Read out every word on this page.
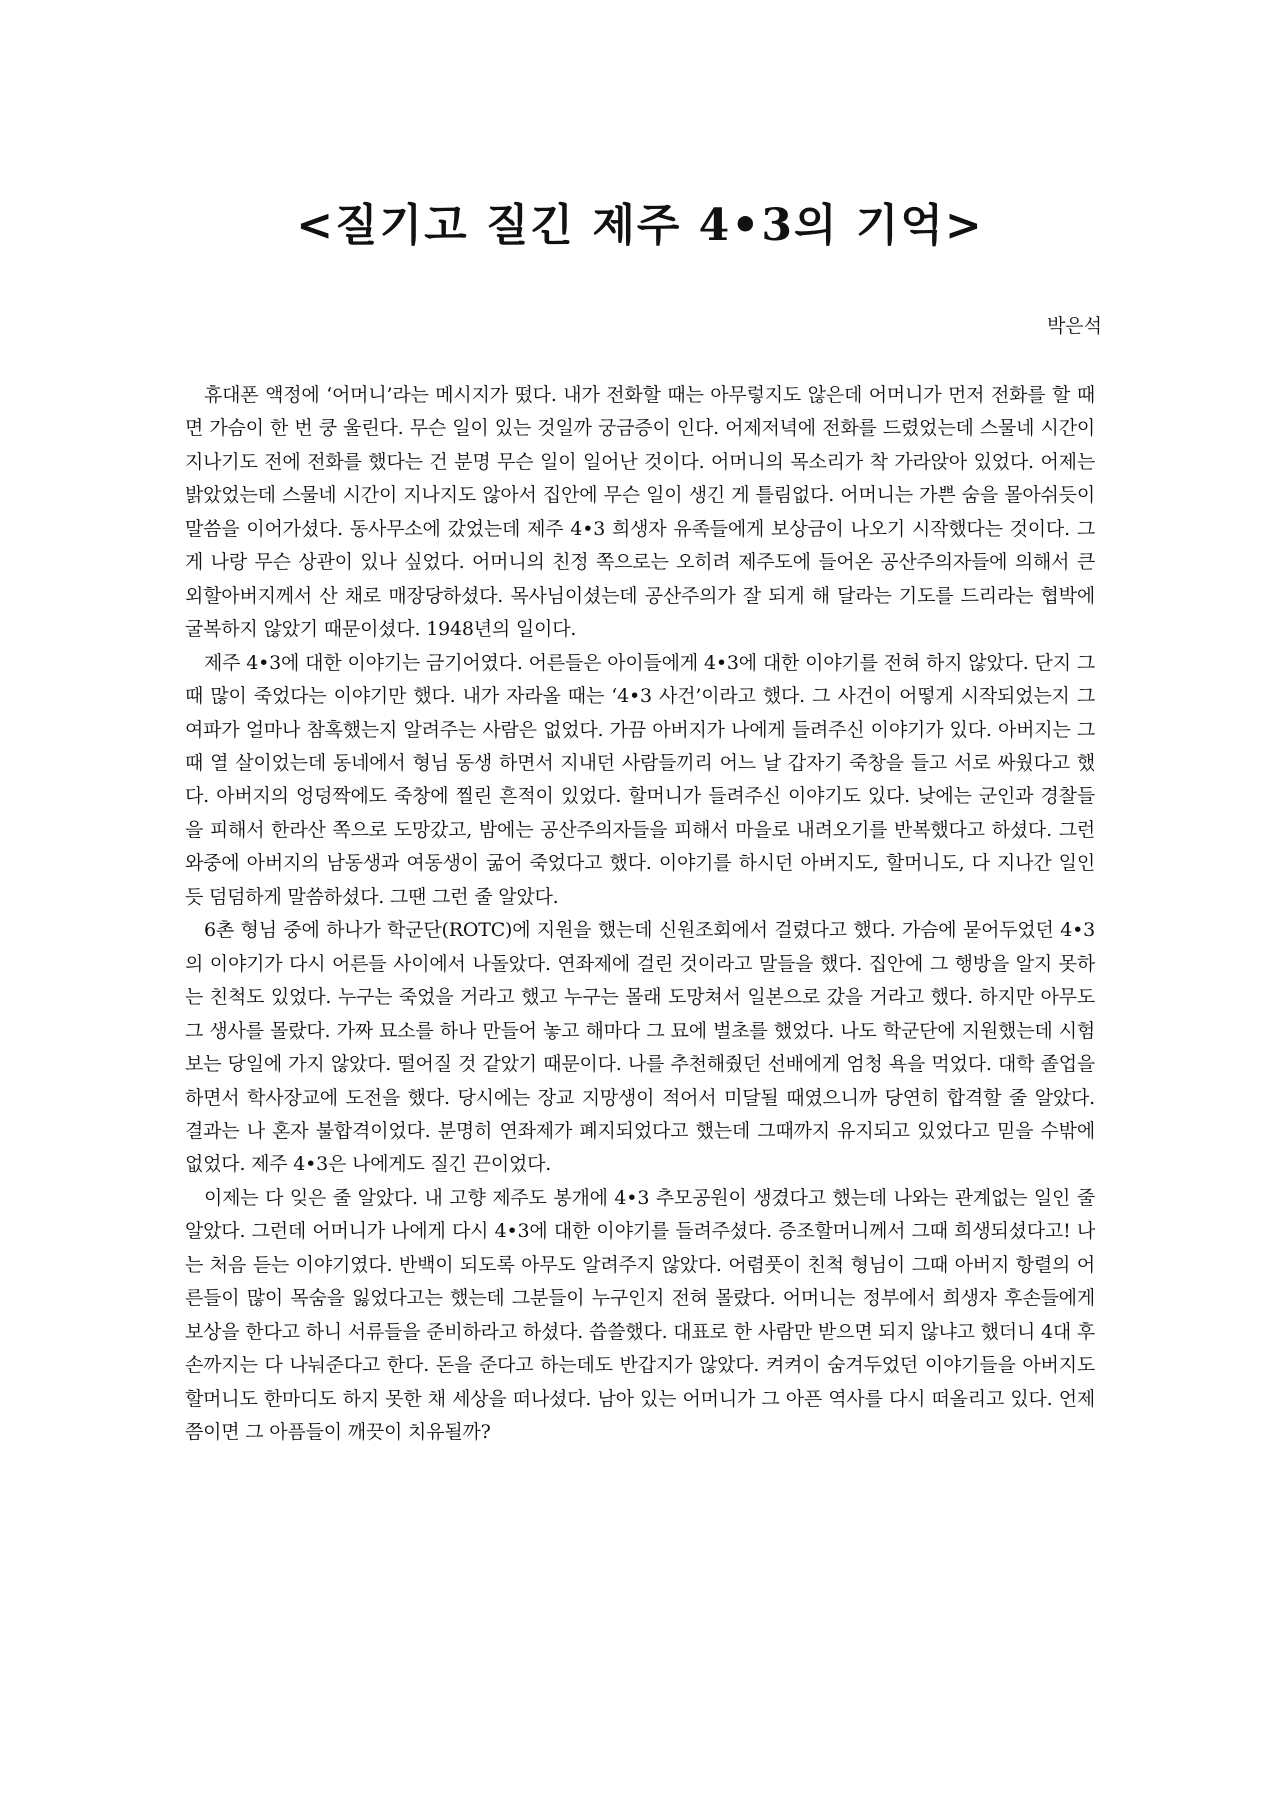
<질기고 질긴 제주 4•3의 기억>
박은석

휴대폰 액정에 ‘어머니’라는 메시지가 떴다. 내가 전화할 때는 아무렇지도 않은데 어머니가 먼저 전화를 할 때면 가슴이 한 번 쿵 울린다. 무슨 일이 있는 것일까 궁금증이 인다. 어제저녁에 전화를 드렸었는데 스물네 시간이 지나기도 전에 전화를 했다는 건 분명 무슨 일이 일어난 것이다. 어머니의 목소리가 착 가라앉아 있었다. 어제는 밝았었는데 스물네 시간이 지나지도 않아서 집안에 무슨 일이 생긴 게 틀림없다. 어머니는 가쁜 숨을 몰아쉬듯이 말씀을 이어가셨다. 동사무소에 갔었는데 제주 4•3 희생자 유족들에게 보상금이 나오기 시작했다는 것이다. 그게 나랑 무슨 상관이 있나 싶었다. 어머니의 친정 쪽으로는 오히려 제주도에 들어온 공산주의자들에 의해서 큰 외할아버지께서 산 채로 매장당하셨다. 목사님이셨는데 공산주의가 잘 되게 해 달라는 기도를 드리라는 협박에 굴복하지 않았기 때문이셨다. 1948년의 일이다.

제주 4•3에 대한 이야기는 금기어였다. 어른들은 아이들에게 4•3에 대한 이야기를 전혀 하지 않았다. 단지 그때 많이 죽었다는 이야기만 했다. 내가 자라올 때는 ‘4•3 사건’이라고 했다. 그 사건이 어떻게 시작되었는지 그 여파가 얼마나 참혹했는지 알려주는 사람은 없었다. 가끔 아버지가 나에게 들려주신 이야기가 있다. 아버지는 그때 열 살이었는데 동네에서 형님 동생 하면서 지내던 사람들끼리 어느 날 갑자기 죽창을 들고 서로 싸웠다고 했다. 아버지의 엉덩짝에도 죽창에 찔린 흔적이 있었다. 할머니가 들려주신 이야기도 있다. 낮에는 군인과 경찰들을 피해서 한라산 쪽으로 도망갔고, 밤에는 공산주의자들을 피해서 마을로 내려오기를 반복했다고 하셨다. 그런 와중에 아버지의 남동생과 여동생이 굶어 죽었다고 했다. 이야기를 하시던 아버지도, 할머니도, 다 지나간 일인 듯 덤덤하게 말씀하셨다. 그땐 그런 줄 알았다.

6촌 형님 중에 하나가 학군단(ROTC)에 지원을 했는데 신원조회에서 걸렸다고 했다. 가슴에 묻어두었던 4•3의 이야기가 다시 어른들 사이에서 나돌았다. 연좌제에 걸린 것이라고 말들을 했다. 집안에 그 행방을 알지 못하는 친척도 있었다. 누구는 죽었을 거라고 했고 누구는 몰래 도망쳐서 일본으로 갔을 거라고 했다. 하지만 아무도 그 생사를 몰랐다. 가짜 묘소를 하나 만들어 놓고 해마다 그 묘에 벌초를 했었다. 나도 학군단에 지원했는데 시험 보는 당일에 가지 않았다. 떨어질 것 같았기 때문이다. 나를 추천해줬던 선배에게 엄청 욕을 먹었다. 대학 졸업을 하면서 학사장교에 도전을 했다. 당시에는 장교 지망생이 적어서 미달될 때였으니까 당연히 합격할 줄 알았다. 결과는 나 혼자 불합격이었다. 분명히 연좌제가 폐지되었다고 했는데 그때까지 유지되고 있었다고 믿을 수밖에 없었다. 제주 4•3은 나에게도 질긴 끈이었다.

이제는 다 잊은 줄 알았다. 내 고향 제주도 봉개에 4•3 추모공원이 생겼다고 했는데 나와는 관계없는 일인 줄 알았다. 그런데 어머니가 나에게 다시 4•3에 대한 이야기를 들려주셨다. 증조할머니께서 그때 희생되셨다고! 나는 처음 듣는 이야기였다. 반백이 되도록 아무도 알려주지 않았다. 어렴풋이 친척 형님이 그때 아버지 항렬의 어른들이 많이 목숨을 잃었다고는 했는데 그분들이 누구인지 전혀 몰랐다. 어머니는 정부에서 희생자 후손들에게 보상을 한다고 하니 서류들을 준비하라고 하셨다. 씁쓸했다. 대표로 한 사람만 받으면 되지 않냐고 했더니 4대 후손까지는 다 나눠준다고 한다. 돈을 준다고 하는데도 반갑지가 않았다. 켜켜이 숨겨두었던 이야기들을 아버지도 할머니도 한마디도 하지 못한 채 세상을 떠나셨다. 남아 있는 어머니가 그 아픈 역사를 다시 떠올리고 있다. 언제쯤이면 그 아픔들이 깨끗이 치유될까?
